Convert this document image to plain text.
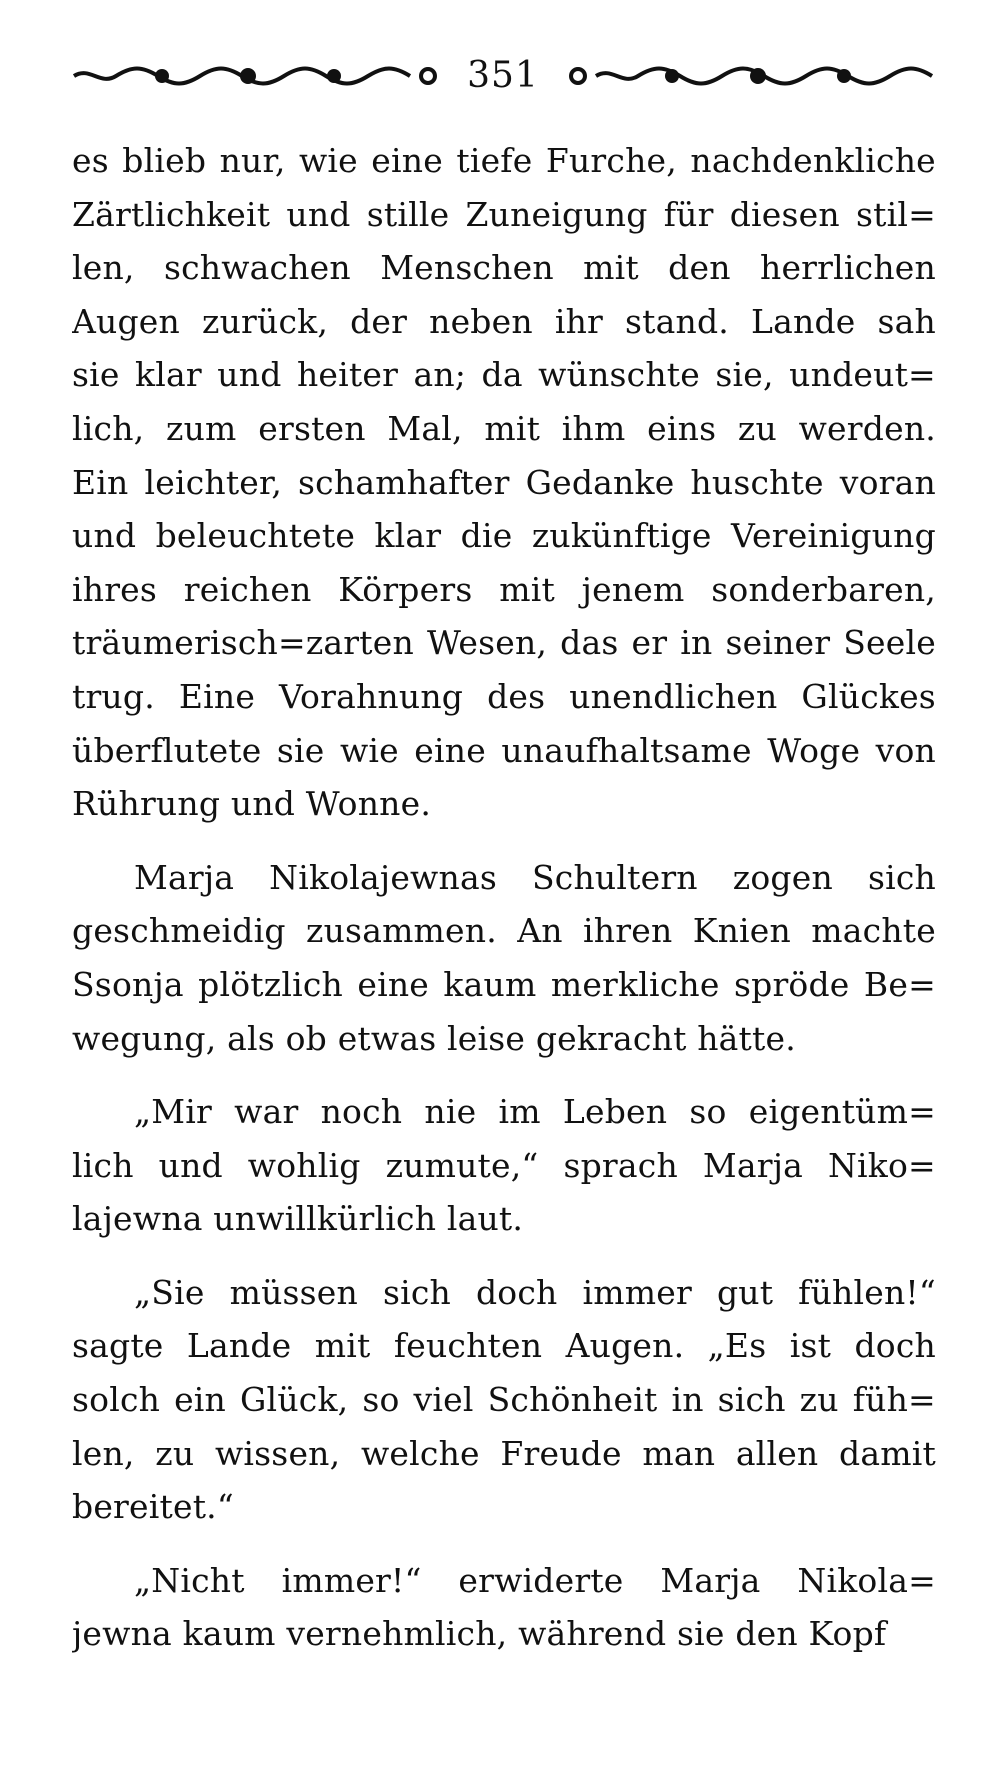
351
es blieb nur, wie eine tiefe Furche, nachdenkliche
Zärtlichkeit und stille Zuneigung für diesen stil=
len, schwachen Menschen mit den herrlichen
Augen zurück, der neben ihr stand. Lande sah
sie klar und heiter an; da wünschte sie, undeut=
lich, zum ersten Mal, mit ihm eins zu werden.
Ein leichter, schamhafter Gedanke huschte voran
und beleuchtete klar die zukünftige Vereinigung
ihres reichen Körpers mit jenem sonderbaren,
träumerisch=zarten Wesen, das er in seiner Seele
trug. Eine Vorahnung des unendlichen Glückes
überflutete sie wie eine unaufhaltsame Woge von
Rührung und Wonne.
Marja Nikolajewnas Schultern zogen sich
geschmeidig zusammen. An ihren Knien machte
Ssonja plötzlich eine kaum merkliche spröde Be=
wegung, als ob etwas leise gekracht hätte.
„Mir war noch nie im Leben so eigentüm=
lich und wohlig zumute,“ sprach Marja Niko=
lajewna unwillkürlich laut.
„Sie müssen sich doch immer gut fühlen!“
sagte Lande mit feuchten Augen. „Es ist doch
solch ein Glück, so viel Schönheit in sich zu füh=
len, zu wissen, welche Freude man allen damit
bereitet.“
„Nicht immer!“ erwiderte Marja Nikola=
jewna kaum vernehmlich, während sie den Kopf
